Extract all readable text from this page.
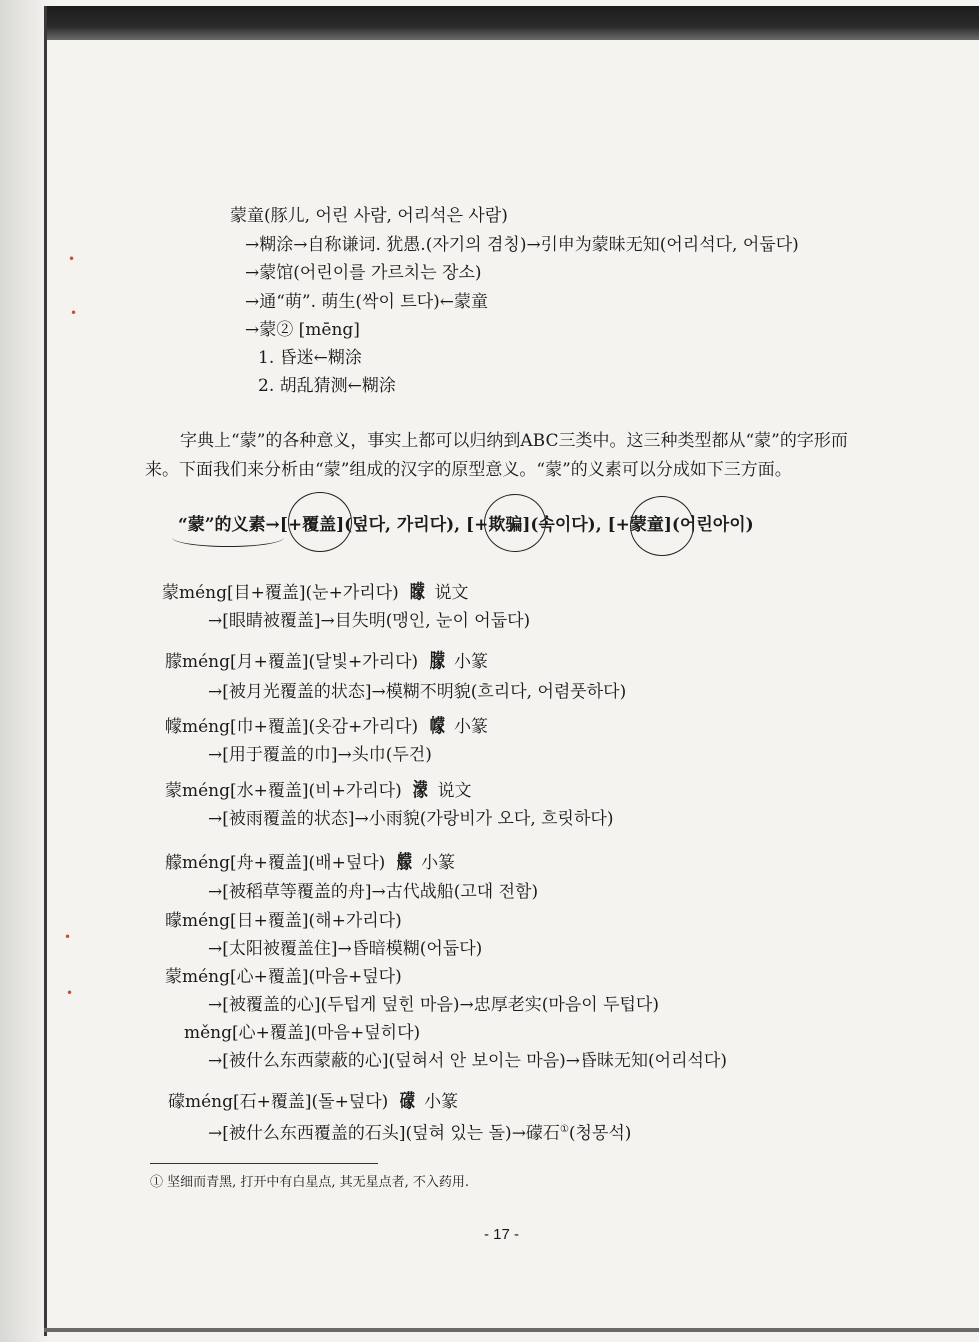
•
•
•
•
蒙童(豚儿, 어린 사람, 어리석은 사람)
→糊涂→自称谦词. 犹愚.(자기의 겸칭)→引申为蒙昧无知(어리석다, 어둡다)
→蒙馆(어린이를 가르치는 장소)
→通“萌”. 萌生(싹이 트다)←蒙童
→蒙② [mēng]
1. 昏迷←糊涂
2. 胡乱猜测←糊涂
字典上“蒙”的各种意义，事实上都可以归纳到ABC三类中。这三种类型都从“蒙”的字形而
来。下面我们来分析由“蒙”组成的汉字的原型意义。“蒙”的义素可以分成如下三方面。
“蒙”的义素→[+覆盖](덮다, 가리다), [+欺骗](속이다), [+蒙童](어린아이)
蒙méng[目+覆盖](눈+가리다) 矇 说文
→[眼睛被覆盖]→目失明(맹인, 눈이 어둡다)
朦méng[月+覆盖](달빛+가리다) 朦 小篆
→[被月光覆盖的状态]→模糊不明貌(흐리다, 어렴풋하다)
幪méng[巾+覆盖](옷감+가리다) 幪 小篆
→[用于覆盖的巾]→头巾(두건)
蒙méng[水+覆盖](비+가리다) 濛 说文
→[被雨覆盖的状态]→小雨貌(가랑비가 오다, 흐릿하다)
艨méng[舟+覆盖](배+덮다) 艨 小篆
→[被稻草等覆盖的舟]→古代战船(고대 전함)
曚méng[日+覆盖](해+가리다)
→[太阳被覆盖住]→昏暗模糊(어둡다)
蒙méng[心+覆盖](마음+덮다)
→[被覆盖的心](두텁게 덮힌 마음)→忠厚老实(마음이 두텁다)
měng[心+覆盖](마음+덮히다)
→[被什么东西蒙蔽的心](덮혀서 안 보이는 마음)→昏昧无知(어리석다)
礞méng[石+覆盖](돌+덮다) 礞 小篆
→[被什么东西覆盖的石头](덮혀 있는 돌)→礞石①(청몽석)
① 坚细而青黑, 打开中有白星点, 其无星点者, 不入药用.
- 17 -
